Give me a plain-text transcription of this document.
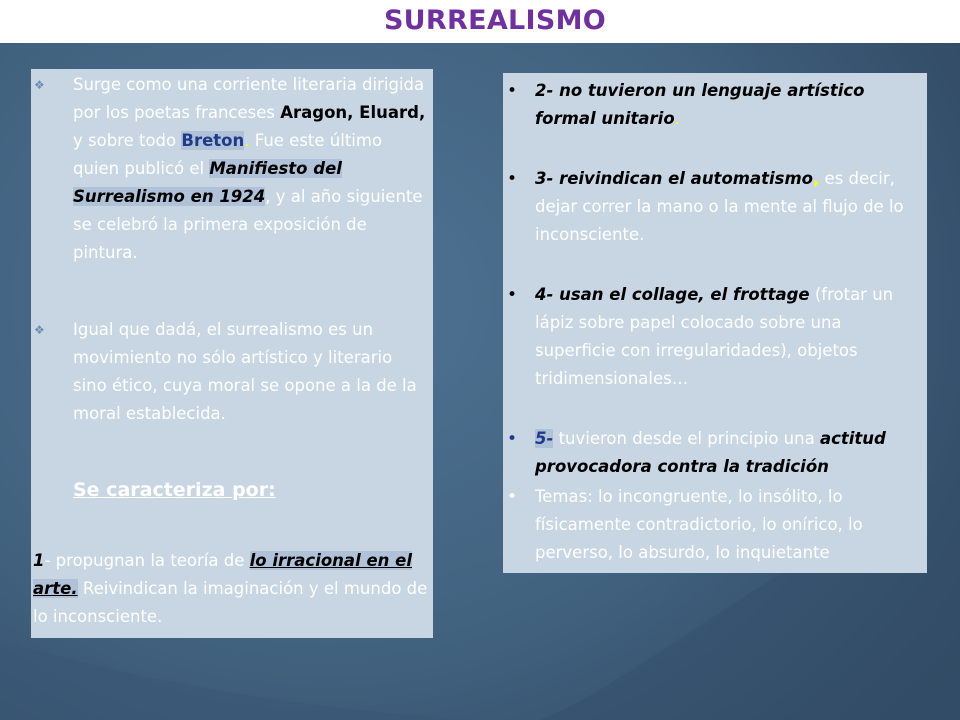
SURREALISMO
❖ Surge como una corriente literaria dirigida por los poetas franceses Aragon, Eluard, y sobre todo Breton. Fue este último quien publicó el Manifiesto del Surrealismo en 1924, y al año siguiente se celebró la primera exposición de pintura.
❖ Igual que dadá, el surrealismo es un movimiento no sólo artístico y literario sino ético, cuya moral se opone a la de la moral establecida.
Se caracteriza por:
1- propugnan la teoría de lo irracional en el arte. Reivindican la imaginación y el mundo de lo inconsciente.
• 2- no tuvieron un lenguaje artístico formal unitario.
• 3- reivindican el automatismo, es decir, dejar correr la mano o la mente al flujo de lo inconsciente.
• 4- usan el collage, el frottage (frotar un lápiz sobre papel colocado sobre una superficie con irregularidades), objetos tridimensionales…
• 5- tuvieron desde el principio una actitud provocadora contra la tradición
• Temas: lo incongruente, lo insólito, lo físicamente contradictorio, lo onírico, lo perverso, lo absurdo, lo inquietante
